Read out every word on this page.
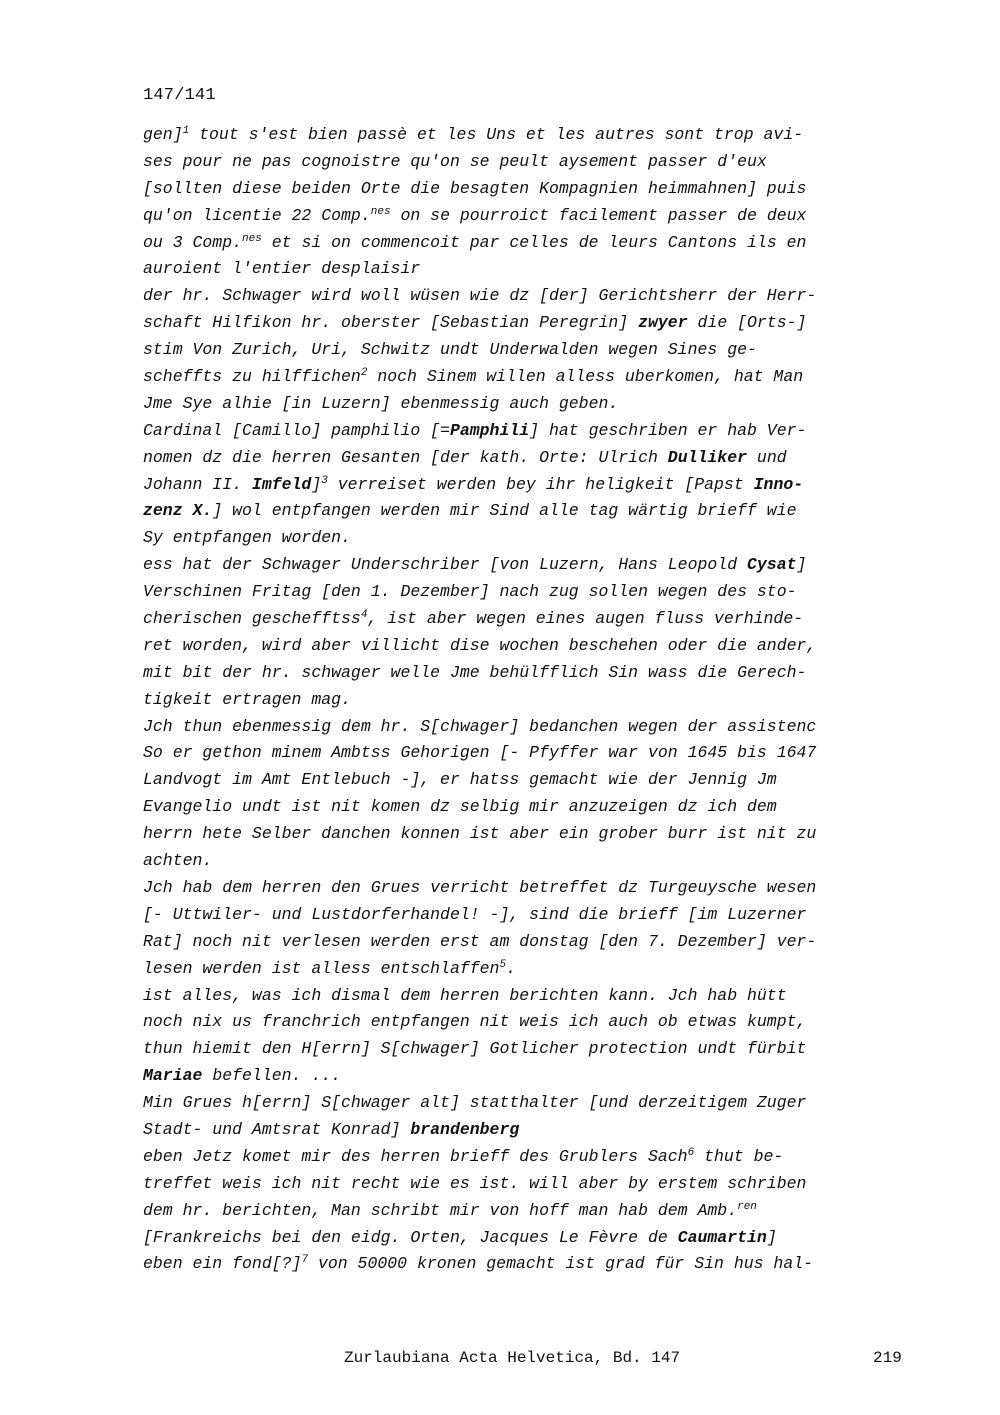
147/141
gen]$^1$ tout s'est bien passè et les Uns et les autres sont trop avi-
ses pour ne pas cognoistre qu'on se peult aysement passer d'eux
[sollten diese beiden Orte die besagten Kompagnien heimmahnen] puis
qu'on licentie 22 Comp.$^{nes}$ on se pourroict facilement passer de deux
ou 3 Comp.$^{nes}$ et si on commencoit par celles de leurs Cantons ils en
auroient l'entier desplaisir
der hr. Schwager wird woll wüsen wie dz [der] Gerichtsherr der Herr-
schaft Hilfikon hr. oberster [Sebastian Peregrin] zwyer die [Orts-]
stim Von Zurich, Uri, Schwitz undt Underwalden wegen Sines ge-
scheffts zu hilffichen$^2$ noch Sinem willen alless uberkomen, hat Man
Jme Sye alhie [in Luzern] ebenmessig auch geben.
Cardinal [Camillo] pamphilio [=Pamphili] hat geschriben er hab Ver-
nomen dz die herren Gesanten [der kath. Orte: Ulrich Dulliker und
Johann II. Imfeld]$^3$ verreiset werden bey ihr heligkeit [Papst Inno-
zenz X.] wol entpfangen werden mir Sind alle tag wärtig brieff wie
Sy entpfangen worden.
ess hat der Schwager Underschriber [von Luzern, Hans Leopold Cysat]
Verschinen Fritag [den 1. Dezember] nach zug sollen wegen des sto-
cherischen geschefftss$^4$, ist aber wegen eines augen fluss verhinde-
ret worden, wird aber villicht dise wochen beschehen oder die ander,
mit bit der hr. schwager welle Jme behülfflich Sin wass die Gerech-
tigkeit ertragen mag.
Jch thun ebenmessig dem hr. S[chwager] bedanchen wegen der assistenc
So er gethon minem Ambtss Gehorigen [- Pfyffer war von 1645 bis 1647
Landvogt im Amt Entlebuch -], er hatss gemacht wie der Jennig Jm
Evangelio undt ist nit komen dz selbig mir anzuzeigen dz ich dem
herrn hete Selber danchen konnen ist aber ein grober burr ist nit zu
achten.
Jch hab dem herren den Grues verricht betreffet dz Turgeuysche wesen
[- Uttwiler- und Lustdorferhandel! -], sind die brieff [im Luzerner
Rat] noch nit verlesen werden erst am donstag [den 7. Dezember] ver-
lesen werden ist alless entschlaffen$^5$.
ist alles, was ich dismal dem herren berichten kann. Jch hab hütt
noch nix us franchrich entpfangen nit weis ich auch ob etwas kumpt,
thun hiemit den H[errn] S[chwager] Gotlicher protection undt fürbit
Mariae befellen. ...
Min Grues h[errn] S[chwager alt] statthalter [und derzeitigem Zuger
Stadt- und Amtsrat Konrad] brandenberg
eben Jetz komet mir des herren brieff des Grublers Sach$^6$ thut be-
treffet weis ich nit recht wie es ist. will aber by erstem schriben
dem hr. berichten, Man schribt mir von hoff man hab dem Amb.$^{ren}$
[Frankreichs bei den eidg. Orten, Jacques Le Fèvre de Caumartin]
eben ein fond[?]$^7$ von 50000 kronen gemacht ist grad für Sin hus hal-
Zurlaubiana Acta Helvetica, Bd. 147	219
